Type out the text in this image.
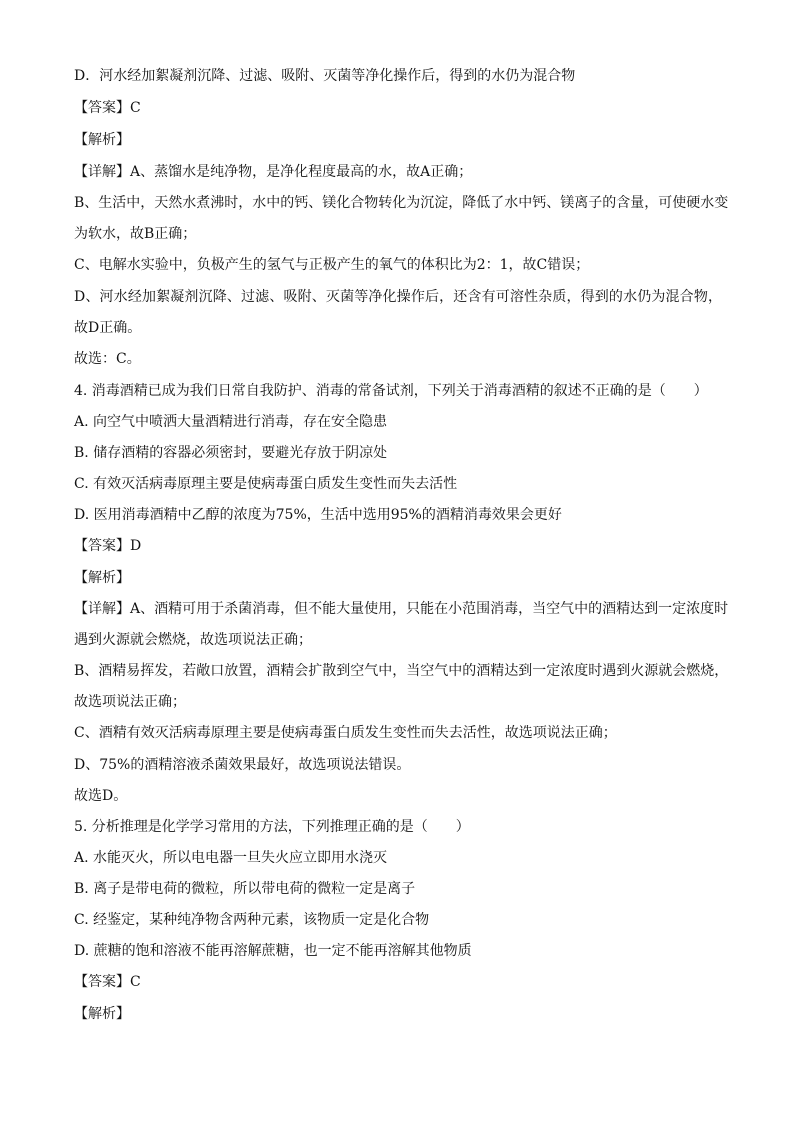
D．河水经加絮凝剂沉降、过滤、吸附、灭菌等净化操作后，得到的水仍为混合物
【答案】C
【解析】
【详解】A、蒸馏水是纯净物，是净化程度最高的水，故A正确；
B、生活中，天然水煮沸时，水中的钙、镁化合物转化为沉淀，降低了水中钙、镁离子的含量，可使硬水变
为软水，故B正确；
C、电解水实验中，负极产生的氢气与正极产生的氧气的体积比为2：1，故C错误；
D、河水经加絮凝剂沉降、过滤、吸附、灭菌等净化操作后，还含有可溶性杂质，得到的水仍为混合物，
故D正确。
故选：C。
4. 消毒酒精已成为我们日常自我防护、消毒的常备试剂，下列关于消毒酒精的叙述不正确的是（　　）
A. 向空气中喷洒大量酒精进行消毒，存在安全隐患
B. 储存酒精的容器必须密封，要避光存放于阴凉处
C. 有效灭活病毒原理主要是使病毒蛋白质发生变性而失去活性
D. 医用消毒酒精中乙醇的浓度为75%，生活中选用95%的酒精消毒效果会更好
【答案】D
【解析】
【详解】A、酒精可用于杀菌消毒，但不能大量使用，只能在小范围消毒，当空气中的酒精达到一定浓度时
遇到火源就会燃烧，故选项说法正确；
B、酒精易挥发，若敞口放置，酒精会扩散到空气中，当空气中的酒精达到一定浓度时遇到火源就会燃烧，
故选项说法正确；
C、酒精有效灭活病毒原理主要是使病毒蛋白质发生变性而失去活性，故选项说法正确；
D、75%的酒精溶液杀菌效果最好，故选项说法错误。
故选D。
5. 分析推理是化学学习常用的方法，下列推理正确的是（　　）
A. 水能灭火，所以电电器一旦失火应立即用水浇灭
B. 离子是带电荷的微粒，所以带电荷的微粒一定是离子
C. 经鉴定，某种纯净物含两种元素，该物质一定是化合物
D. 蔗糖的饱和溶液不能再溶解蔗糖，也一定不能再溶解其他物质
【答案】C
【解析】
